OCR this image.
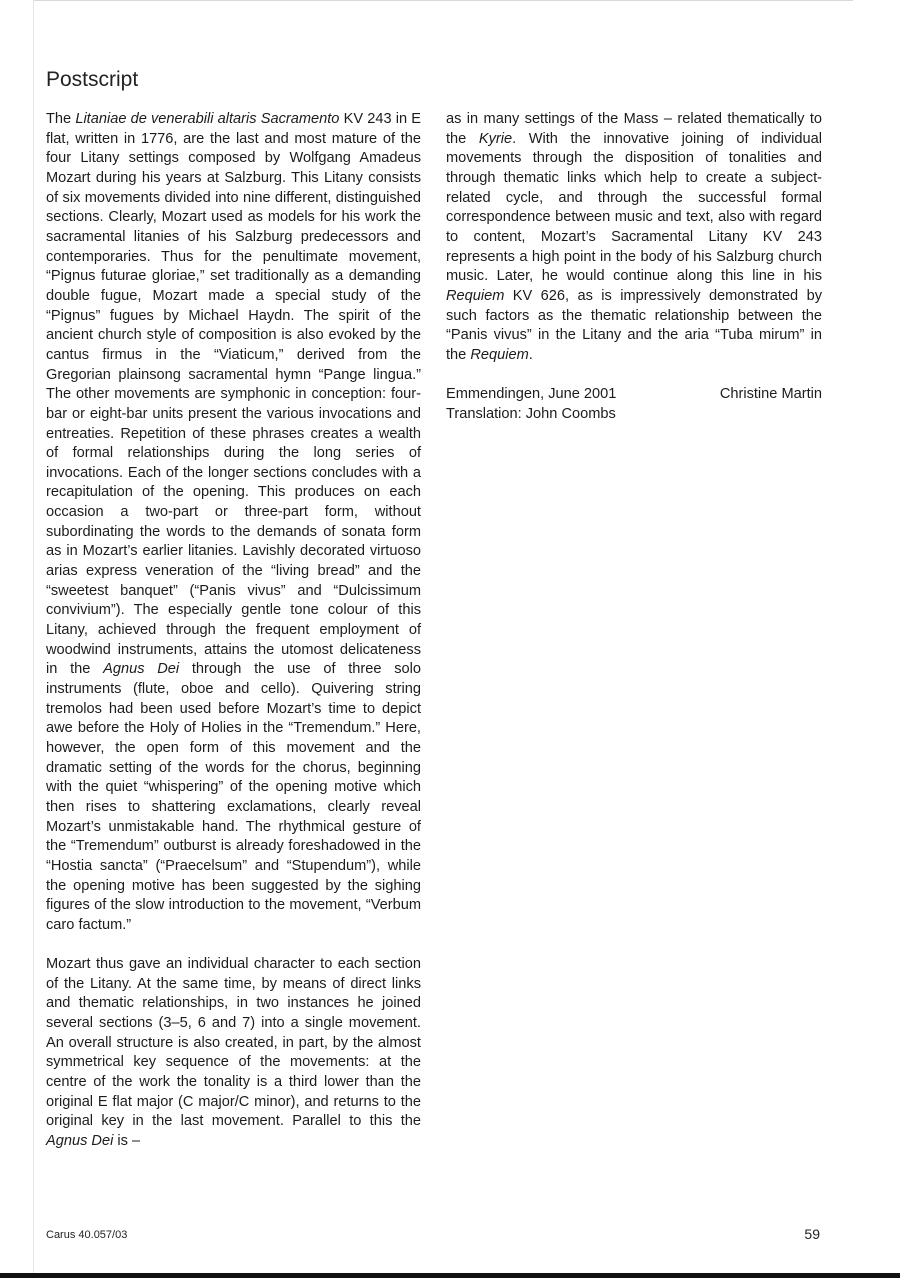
Postscript

The Litaniae de venerabili altaris Sacramento KV 243 in E flat, written in 1776, are the last and most mature of the four Litany settings composed by Wolfgang Amadeus Mozart during his years at Salzburg. This Litany consists of six movements divided into nine different, distinguished sections. Clearly, Mozart used as models for his work the sacramental litanies of his Salzburg predecessors and contemporaries. Thus for the penultimate movement, “Pignus futurae gloriae,” set traditionally as a demanding double fugue, Mozart made a special study of the “Pignus” fugues by Michael Haydn. The spirit of the ancient church style of composition is also evoked by the cantus firmus in the “Viaticum,” derived from the Gregorian plainsong sacramental hymn “Pange lingua.” The other movements are symphonic in conception: four-bar or eight-bar units present the various invocations and entreaties. Repetition of these phrases creates a wealth of formal relationships during the long series of invocations. Each of the longer sections concludes with a recapitulation of the opening. This produces on each occasion a two-part or three-part form, without subordinating the words to the demands of sonata form as in Mozart’s earlier litanies. Lavishly decorated virtuoso arias express veneration of the “living bread” and the “sweetest banquet” (“Panis vivus” and “Dulcissimum convivium”). The especially gentle tone colour of this Litany, achieved through the frequent employment of woodwind instruments, attains the utomost delicateness in the Agnus Dei through the use of three solo instruments (flute, oboe and cello). Quivering string tremolos had been used before Mozart’s time to depict awe before the Holy of Holies in the “Tremendum.” Here, however, the open form of this movement and the dramatic setting of the words for the chorus, beginning with the quiet “whispering” of the opening motive which then rises to shattering exclamations, clearly reveal Mozart’s unmistakable hand. The rhythmical gesture of the “Tremendum” outburst is already foreshadowed in the “Hostia sancta” (“Praecelsum” and “Stupendum”), while the opening motive has been suggested by the sighing figures of the slow introduction to the movement, “Verbum caro factum.”

Mozart thus gave an individual character to each section of the Litany. At the same time, by means of direct links and thematic relationships, in two instances he joined several sections (3–5, 6 and 7) into a single movement. An overall structure is also created, in part, by the almost symmetrical key sequence of the movements: at the centre of the work the tonality is a third lower than the original E flat major (C major/C minor), and returns to the original key in the last movement. Parallel to this the Agnus Dei is –

as in many settings of the Mass – related thematically to the Kyrie. With the innovative joining of individual movements through the disposition of tonalities and through thematic links which help to create a subject-related cycle, and through the successful formal correspondence between music and text, also with regard to content, Mozart’s Sacramental Litany KV 243 represents a high point in the body of his Salzburg church music. Later, he would continue along this line in his Requiem KV 626, as is impressively demonstrated by such factors as the thematic relationship between the “Panis vivus” in the Litany and the aria “Tuba mirum” in the Requiem.

Emmendingen, June 2001	Christine Martin
Translation: John Coombs
Carus 40.057/03	59
